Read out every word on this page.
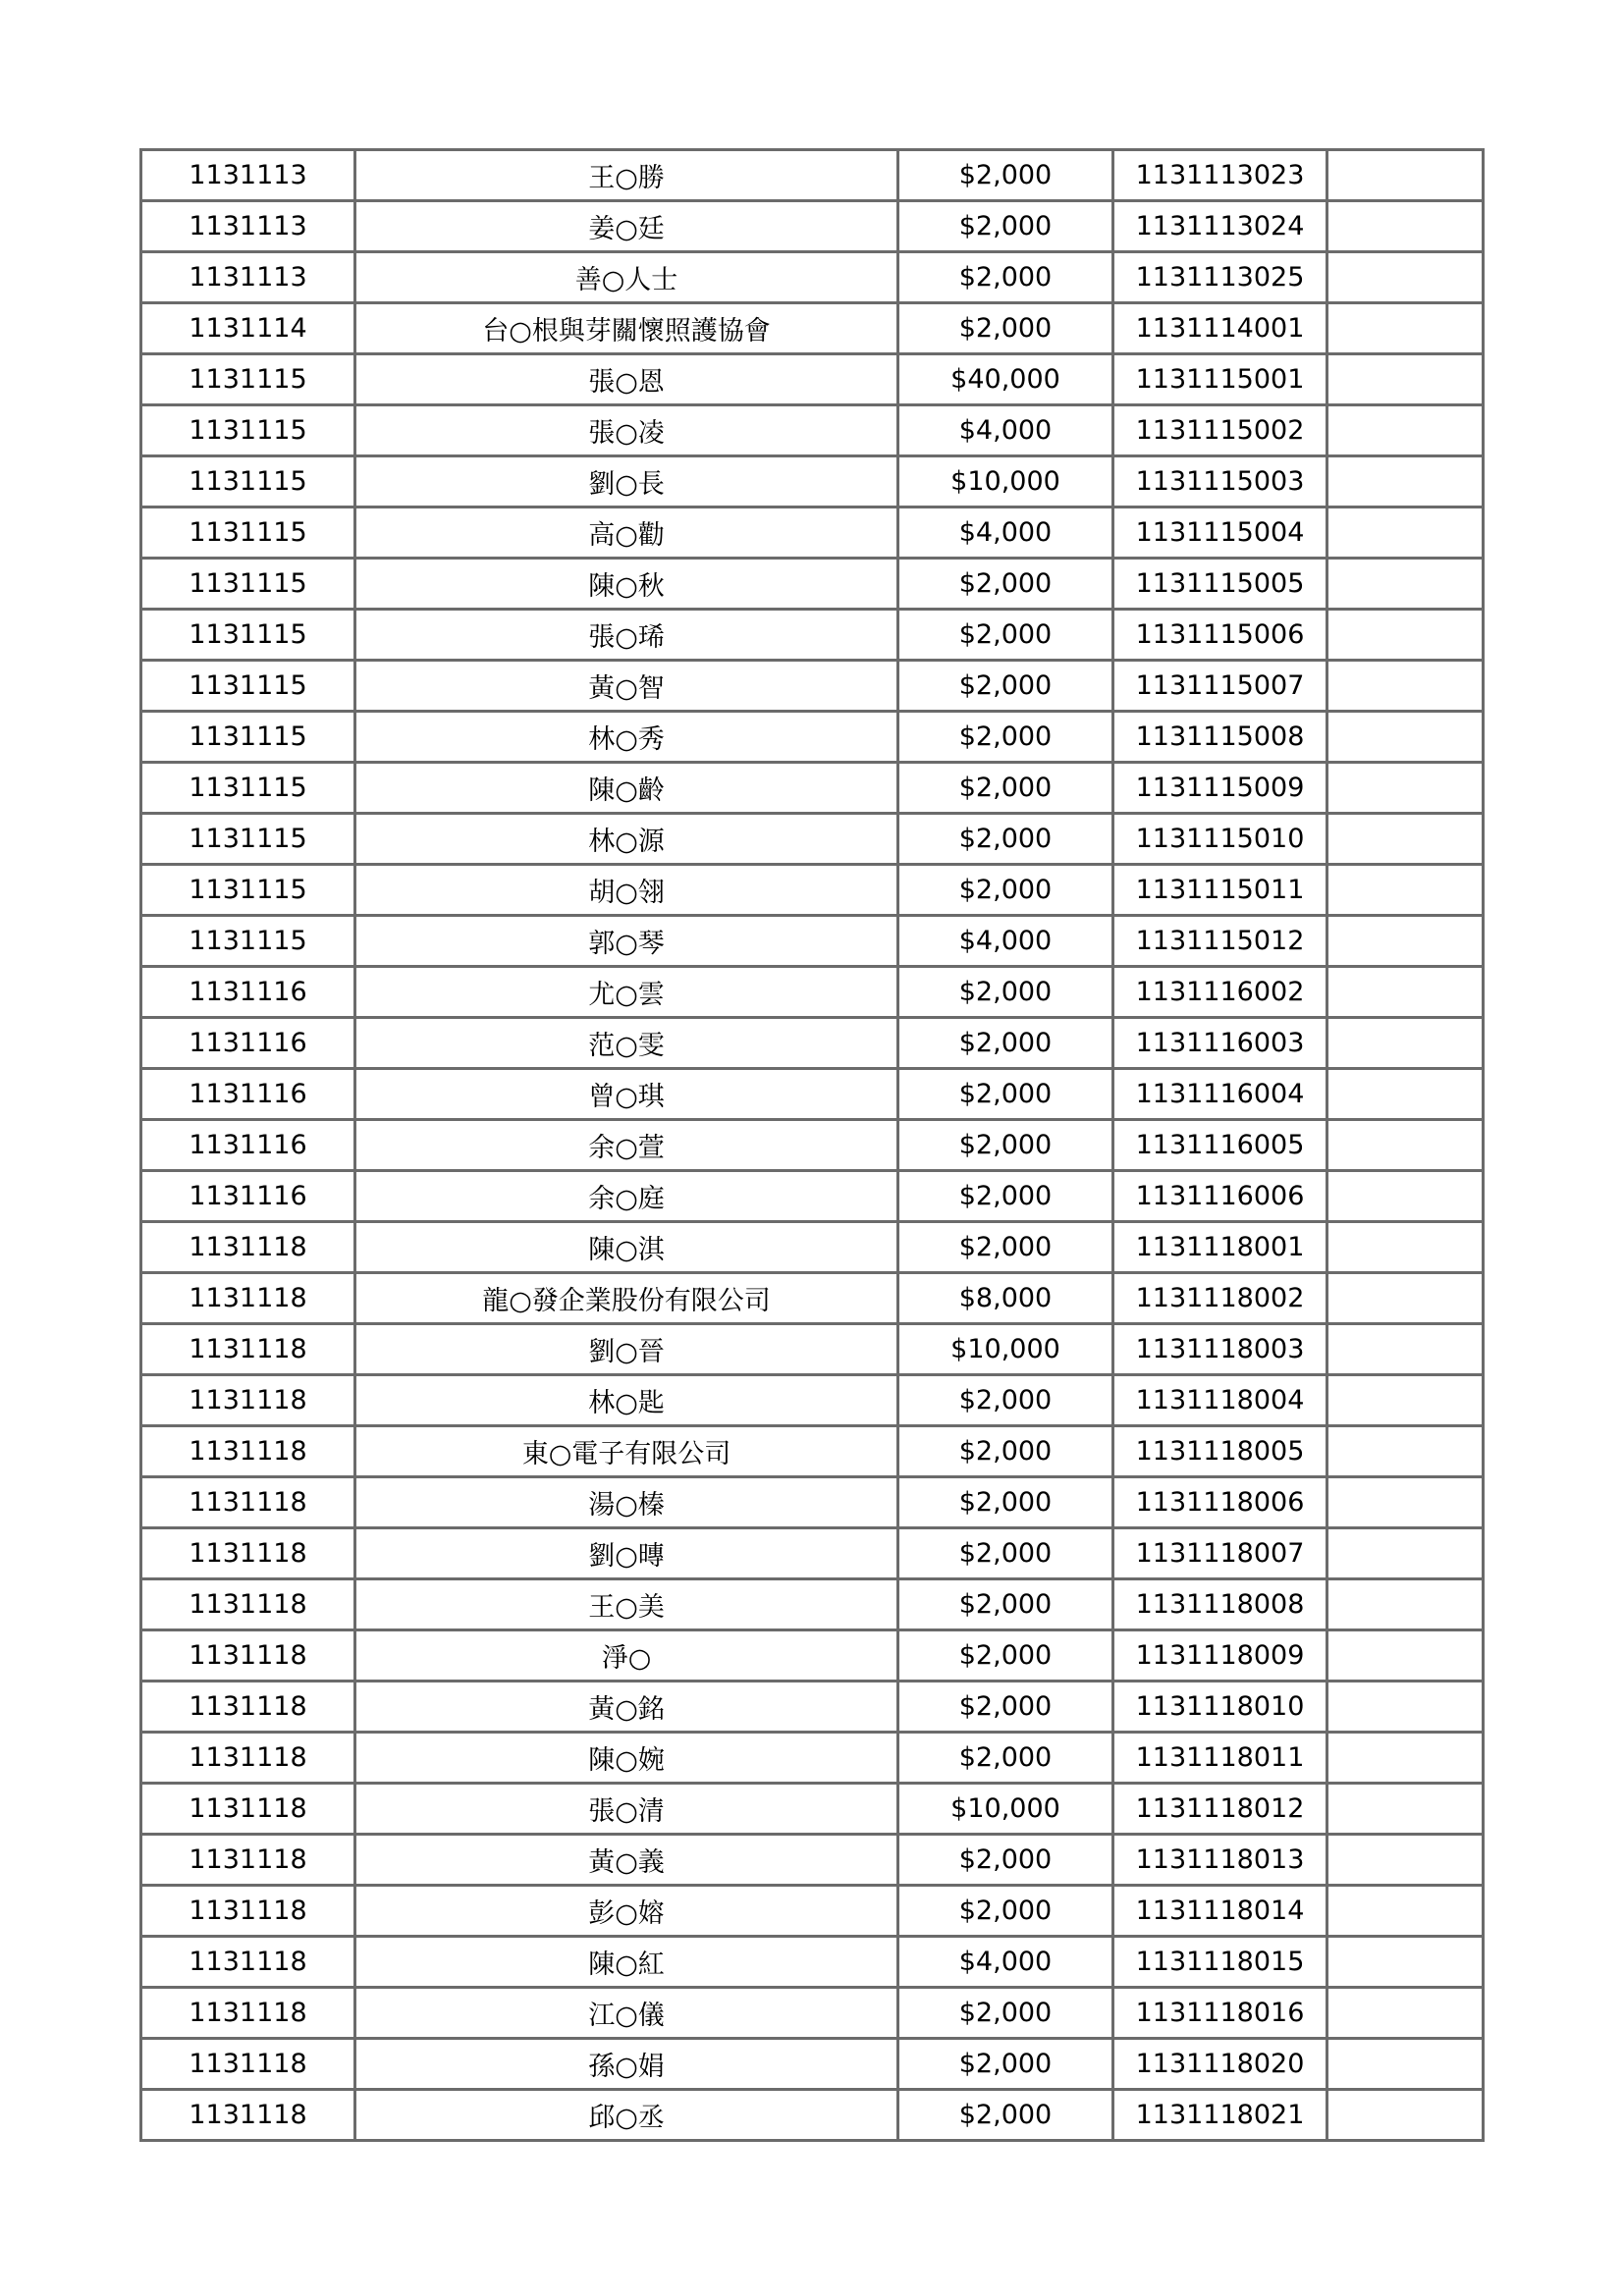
1131113	王○勝	$2,000	1131113023	
1131113	姜○廷	$2,000	1131113024	
1131113	善○人士	$2,000	1131113025	
1131114	台○根與芽關懷照護協會	$2,000	1131114001	
1131115	張○恩	$40,000	1131115001	
1131115	張○凌	$4,000	1131115002	
1131115	劉○長	$10,000	1131115003	
1131115	高○勸	$4,000	1131115004	
1131115	陳○秋	$2,000	1131115005	
1131115	張○琋	$2,000	1131115006	
1131115	黃○智	$2,000	1131115007	
1131115	林○秀	$2,000	1131115008	
1131115	陳○齡	$2,000	1131115009	
1131115	林○源	$2,000	1131115010	
1131115	胡○翎	$2,000	1131115011	
1131115	郭○琴	$4,000	1131115012	
1131116	尤○雲	$2,000	1131116002	
1131116	范○雯	$2,000	1131116003	
1131116	曾○琪	$2,000	1131116004	
1131116	余○萱	$2,000	1131116005	
1131116	余○庭	$2,000	1131116006	
1131118	陳○淇	$2,000	1131118001	
1131118	龍○發企業股份有限公司	$8,000	1131118002	
1131118	劉○晉	$10,000	1131118003	
1131118	林○匙	$2,000	1131118004	
1131118	東○電子有限公司	$2,000	1131118005	
1131118	湯○榛	$2,000	1131118006	
1131118	劉○暷	$2,000	1131118007	
1131118	王○美	$2,000	1131118008	
1131118	淨○	$2,000	1131118009	
1131118	黃○銘	$2,000	1131118010	
1131118	陳○婉	$2,000	1131118011	
1131118	張○清	$10,000	1131118012	
1131118	黃○義	$2,000	1131118013	
1131118	彭○嫆	$2,000	1131118014	
1131118	陳○紅	$4,000	1131118015	
1131118	江○儀	$2,000	1131118016	
1131118	孫○娟	$2,000	1131118020	
1131118	邱○丞	$2,000	1131118021	
